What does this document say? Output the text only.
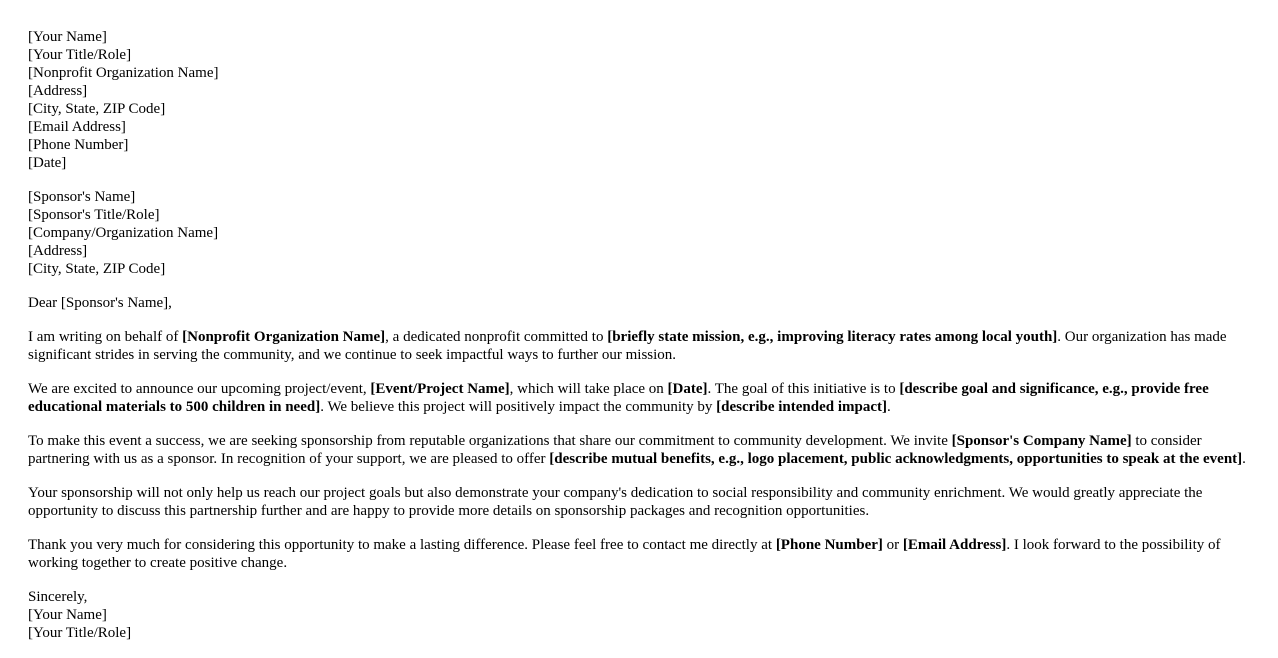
[Your Name]
[Your Title/Role]
[Nonprofit Organization Name]
[Address]
[City, State, ZIP Code]
[Email Address]
[Phone Number]
[Date]
[Sponsor's Name]
[Sponsor's Title/Role]
[Company/Organization Name]
[Address]
[City, State, ZIP Code]

Dear [Sponsor's Name],

I am writing on behalf of [Nonprofit Organization Name], a dedicated nonprofit committed to [briefly state mission, e.g., improving literacy rates among local youth]. Our organization has made significant strides in serving the community, and we continue to seek impactful ways to further our mission.

We are excited to announce our upcoming project/event, [Event/Project Name], which will take place on [Date]. The goal of this initiative is to [describe goal and significance, e.g., provide free educational materials to 500 children in need]. We believe this project will positively impact the community by [describe intended impact].

To make this event a success, we are seeking sponsorship from reputable organizations that share our commitment to community development. We invite [Sponsor's Company Name] to consider partnering with us as a sponsor. In recognition of your support, we are pleased to offer [describe mutual benefits, e.g., logo placement, public acknowledgments, opportunities to speak at the event].

Your sponsorship will not only help us reach our project goals but also demonstrate your company's dedication to social responsibility and community enrichment. We would greatly appreciate the opportunity to discuss this partnership further and are happy to provide more details on sponsorship packages and recognition opportunities.

Thank you very much for considering this opportunity to make a lasting difference. Please feel free to contact me directly at [Phone Number] or [Email Address]. I look forward to the possibility of working together to create positive change.

Sincerely,
[Your Name]
[Your Title/Role]
